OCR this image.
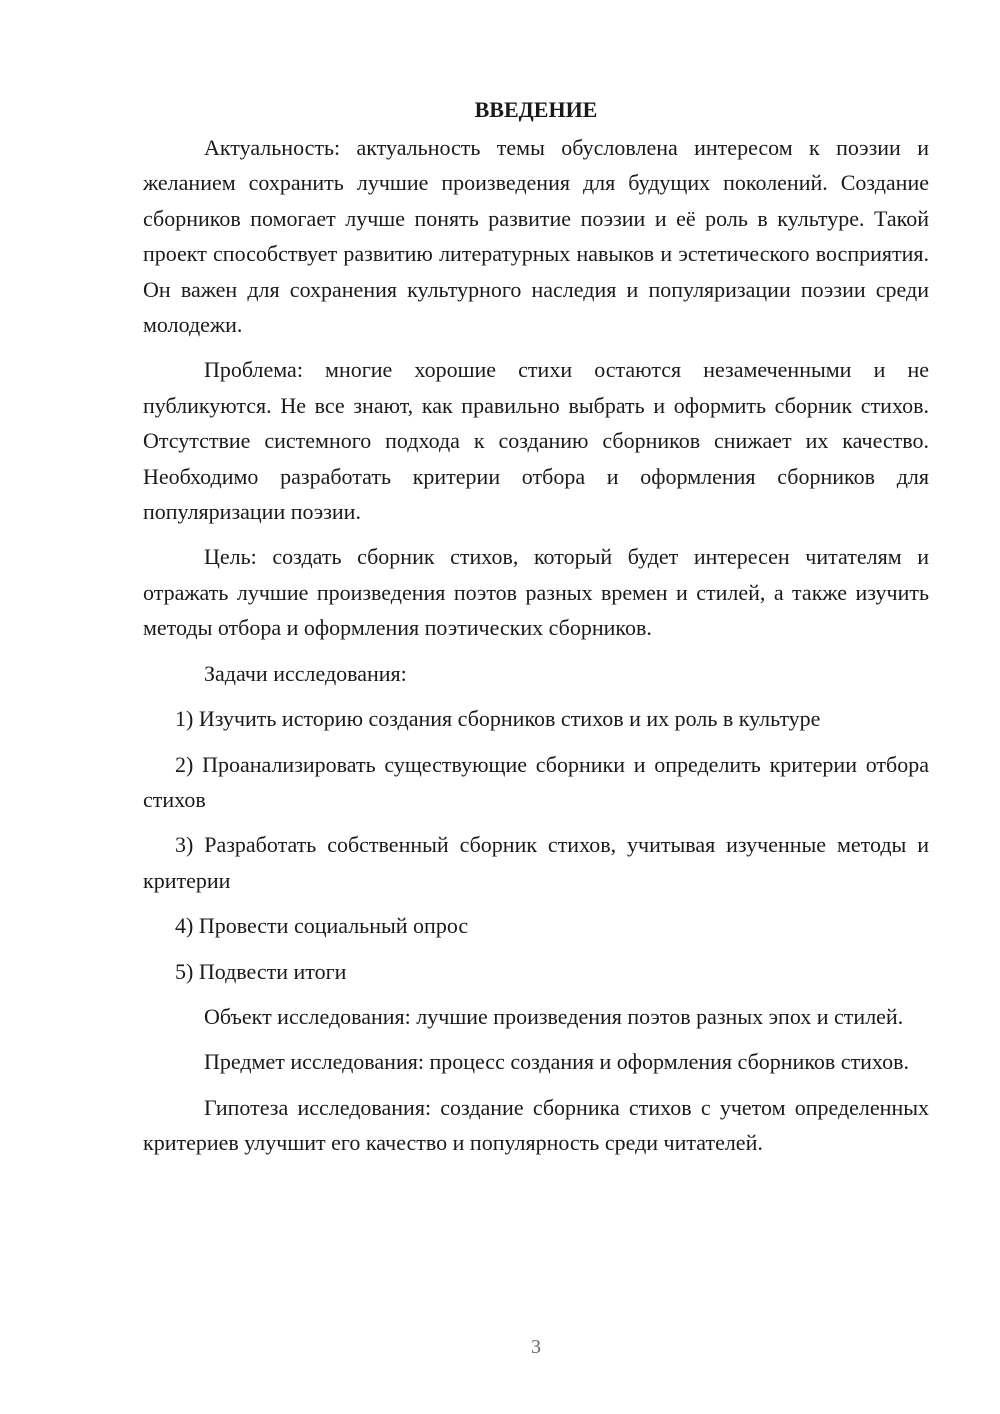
ВВЕДЕНИЕ

Актуальность: актуальность темы обусловлена интересом к поэзии и желанием сохранить лучшие произведения для будущих поколений. Создание сборников помогает лучше понять развитие поэзии и её роль в культуре. Такой проект способствует развитию литературных навыков и эстетического восприятия. Он важен для сохранения культурного наследия и популяризации поэзии среди молодежи.

Проблема: многие хорошие стихи остаются незамеченными и не публикуются. Не все знают, как правильно выбрать и оформить сборник стихов. Отсутствие системного подхода к созданию сборников снижает их качество. Необходимо разработать критерии отбора и оформления сборников для популяризации поэзии.

Цель: создать сборник стихов, который будет интересен читателям и отражать лучшие произведения поэтов разных времен и стилей, а также изучить методы отбора и оформления поэтических сборников.

Задачи исследования:

1) Изучить историю создания сборников стихов и их роль в культуре

2) Проанализировать существующие сборники и определить критерии отбора стихов

3) Разработать собственный сборник стихов, учитывая изученные методы и критерии

4) Провести социальный опрос

5) Подвести итоги

Объект исследования: лучшие произведения поэтов разных эпох и стилей.

Предмет исследования: процесс создания и оформления сборников стихов.

Гипотеза исследования: создание сборника стихов с учетом определенных критериев улучшит его качество и популярность среди читателей.

3
